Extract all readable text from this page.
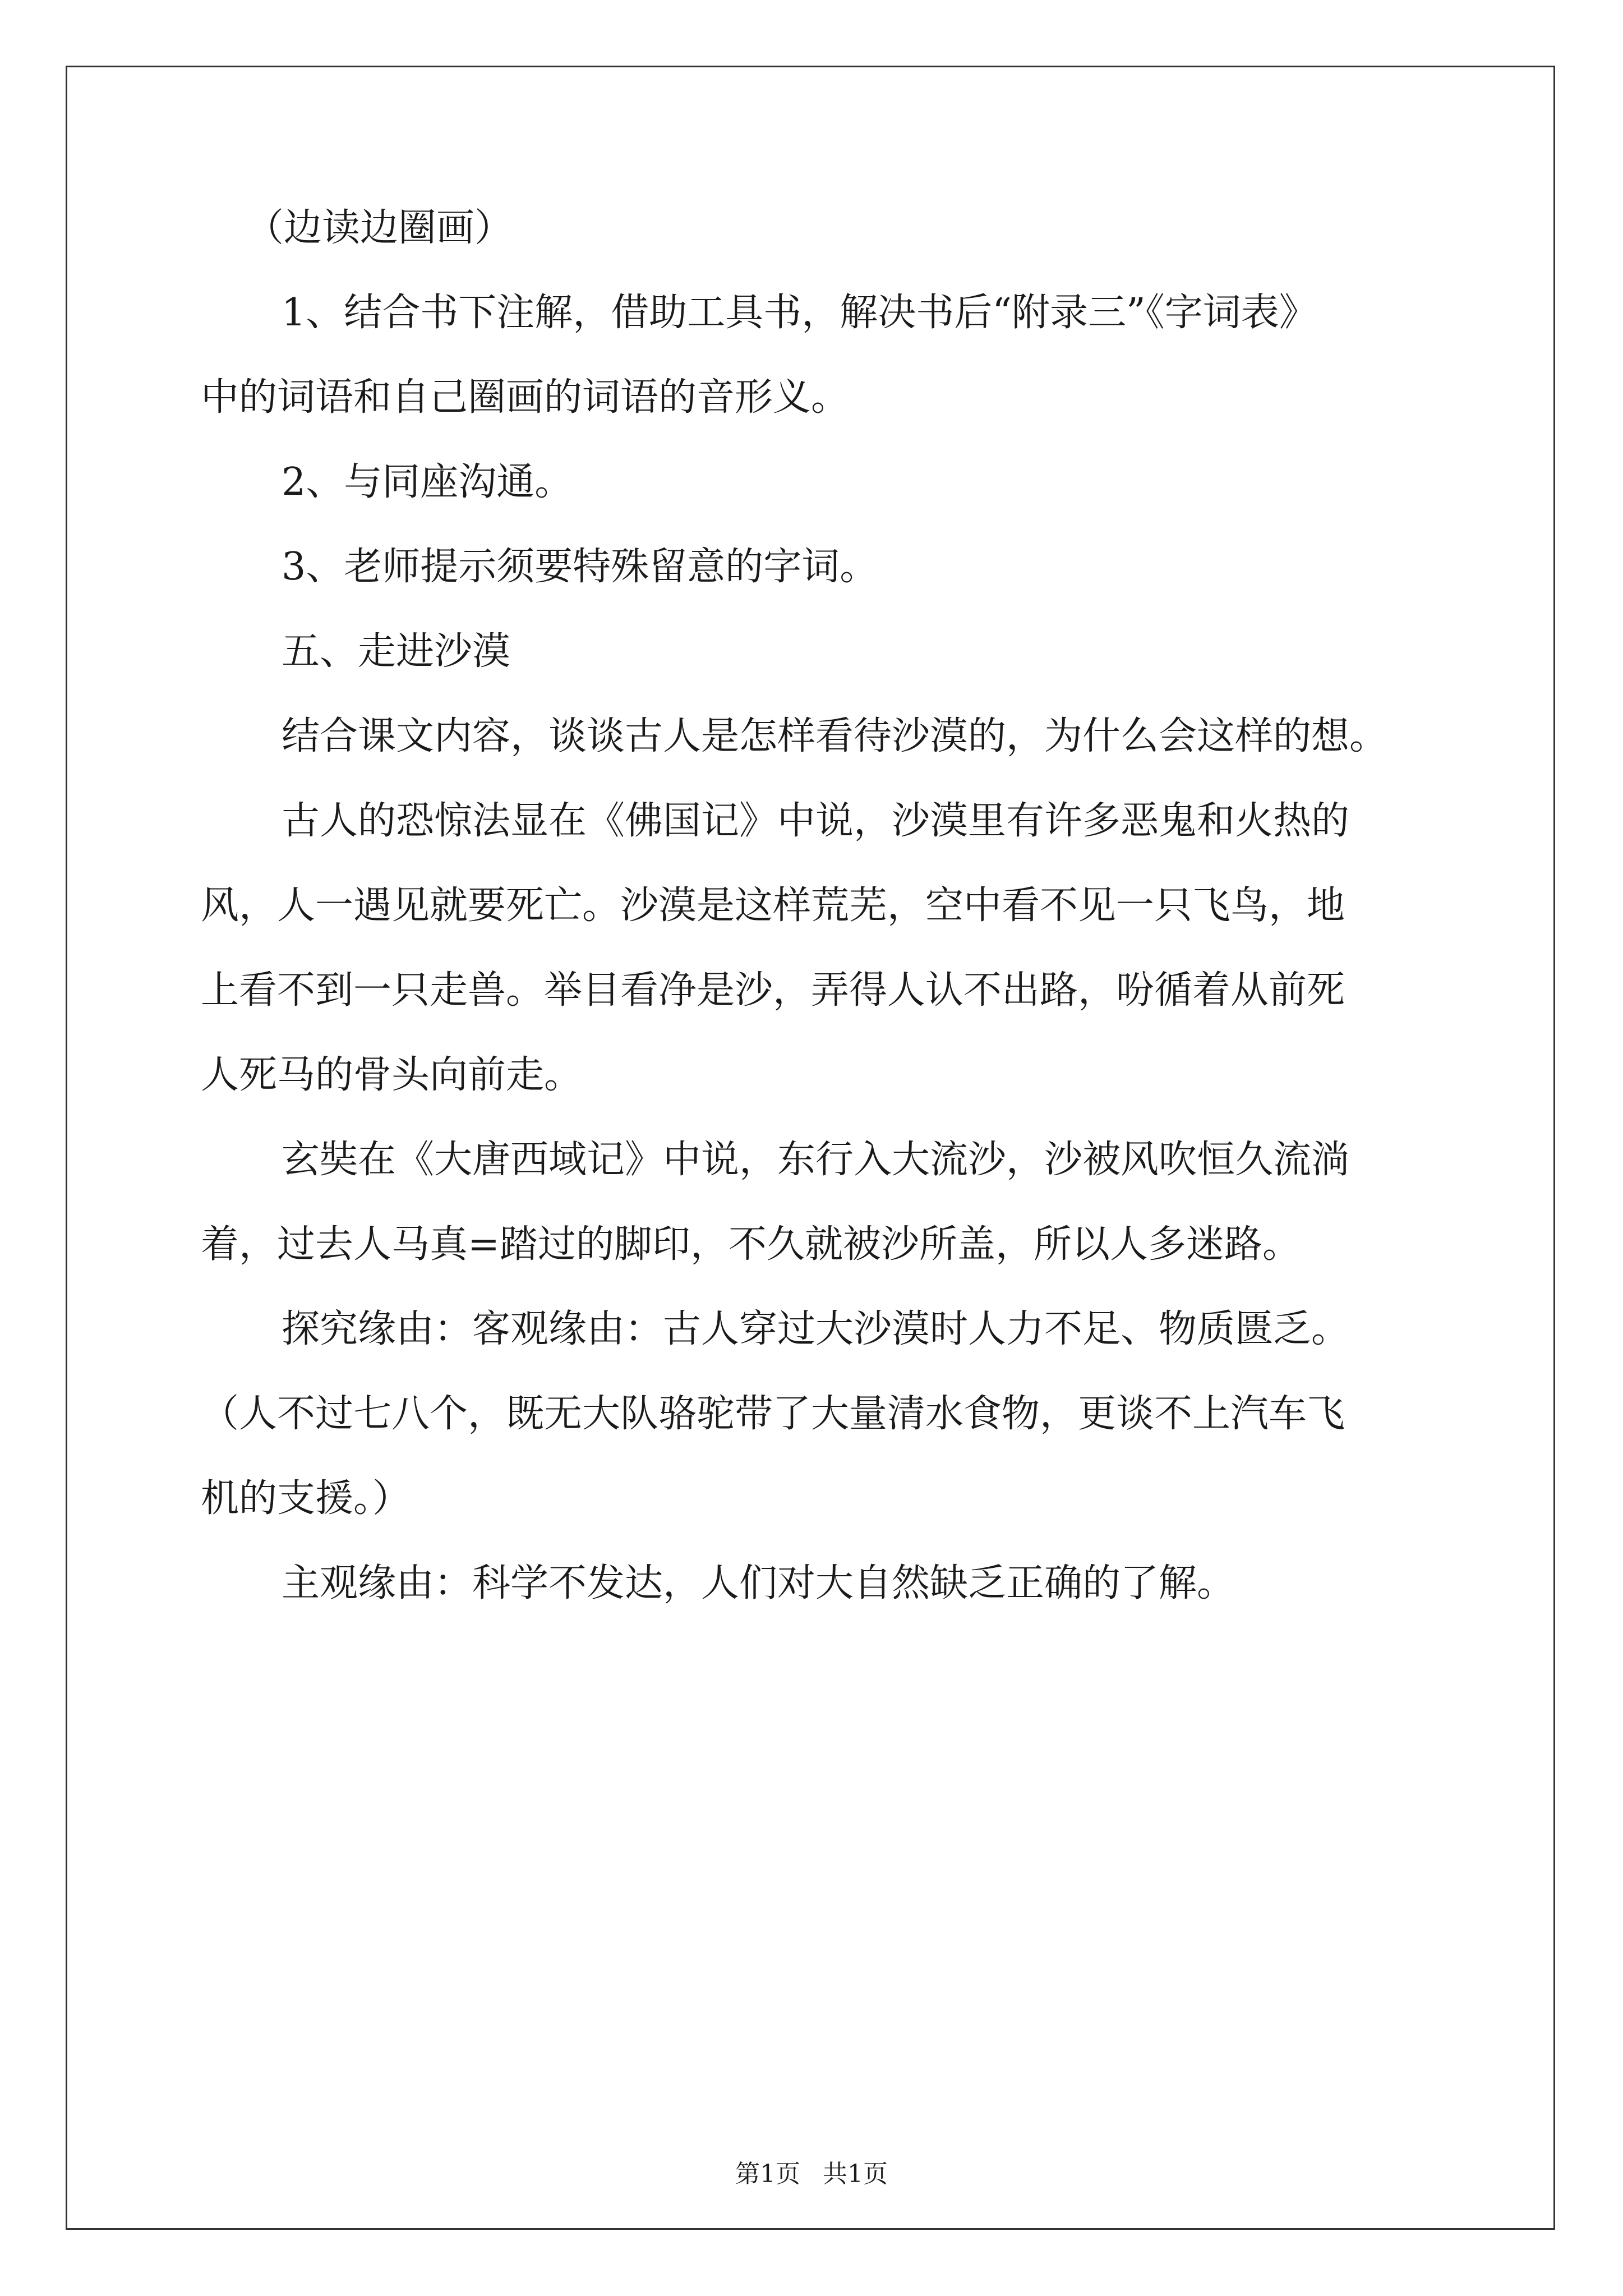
（边读边圈画）

1、结合书下注解，借助工具书，解决书后“附录三”《字词表》

中的词语和自己圈画的词语的音形义。

2、与同座沟通。

3、老师提示须要特殊留意的字词。

五、走进沙漠

结合课文内容，谈谈古人是怎样看待沙漠的，为什么会这样的想。

古人的恐惊法显在《佛国记》中说，沙漠里有许多恶鬼和火热的

风，人一遇见就要死亡。沙漠是这样荒芜，空中看不见一只飞鸟，地

上看不到一只走兽。举目看净是沙，弄得人认不出路，吩循着从前死

人死马的骨头向前走。

玄奘在《大唐西域记》中说，东行入大流沙，沙被风吹恒久流淌

着，过去人马真=踏过的脚印，不久就被沙所盖，所以人多迷路。

探究缘由：客观缘由：古人穿过大沙漠时人力不足、物质匮乏。

（人不过七八个，既无大队骆驼带了大量清水食物，更谈不上汽车飞

机的支援。）

主观缘由：科学不发达，人们对大自然缺乏正确的了解。

第1页 共1页
